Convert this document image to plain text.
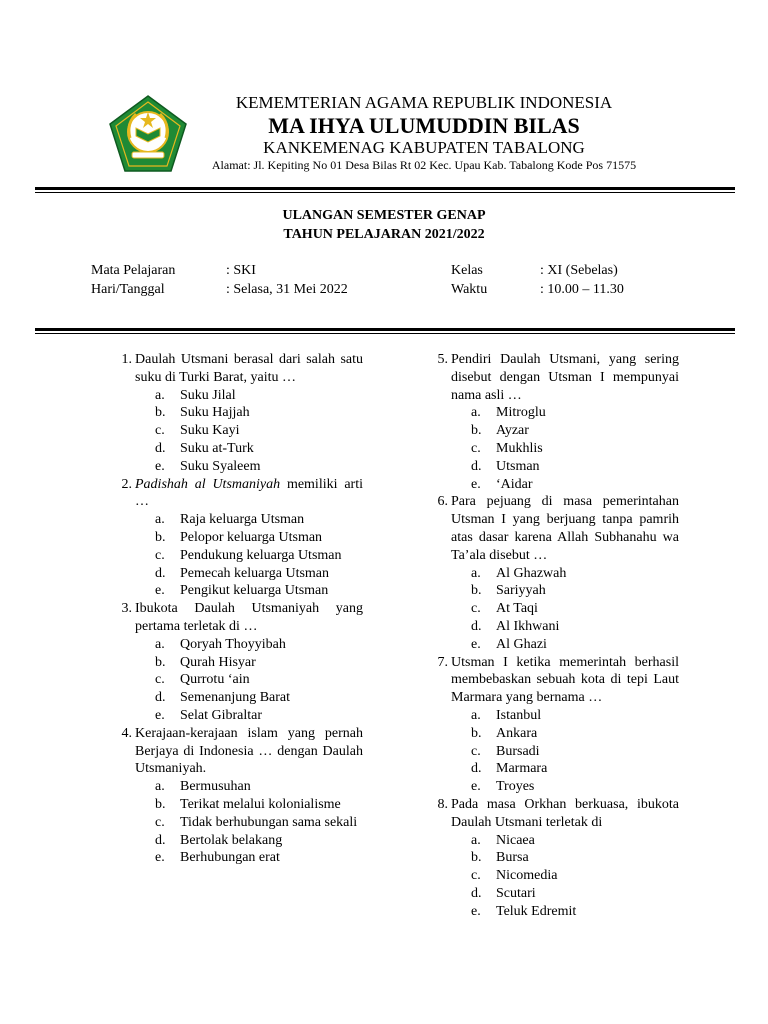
KEMEMTERIAN AGAMA REPUBLIK INDONESIA
MA IHYA ULUMUDDIN BILAS
KANKEMENAG KABUPATEN TABALONG
Alamat: Jl. Kepiting No 01 Desa Bilas Rt 02 Kec. Upau Kab. Tabalong Kode Pos 71575
ULANGAN SEMESTER GENAP
TAHUN PELAJARAN 2021/2022
Mata Pelajaran	: SKI
Hari/Tanggal	: Selasa, 31 Mei 2022
Kelas	: XI (Sebelas)
Waktu	: 10.00 – 11.30
1. Daulah Utsmani berasal dari salah satu suku di Turki Barat, yaitu …
a. Suku Jilal
b. Suku Hajjah
c. Suku Kayi
d. Suku at-Turk
e. Suku Syaleem
2. Padishah al Utsmaniyah memiliki arti …
a. Raja keluarga Utsman
b. Pelopor keluarga Utsman
c. Pendukung keluarga Utsman
d. Pemecah keluarga Utsman
e. Pengikut keluarga Utsman
3. Ibukota Daulah Utsmaniyah yang pertama terletak di …
a. Qoryah Thoyyibah
b. Qurah Hisyar
c. Qurrotu ‘ain
d. Semenanjung Barat
e. Selat Gibraltar
4. Kerajaan-kerajaan islam yang pernah Berjaya di Indonesia … dengan Daulah Utsmaniyah.
a. Bermusuhan
b. Terikat melalui kolonialisme
c. Tidak berhubungan sama sekali
d. Bertolak belakang
e. Berhubungan erat
5. Pendiri Daulah Utsmani, yang sering disebut dengan Utsman I mempunyai nama asli …
a. Mitroglu
b. Ayzar
c. Mukhlis
d. Utsman
e. ‘Aidar
6. Para pejuang di masa pemerintahan Utsman I yang berjuang tanpa pamrih atas dasar karena Allah Subhanahu wa Ta’ala disebut …
a. Al Ghazwah
b. Sariyyah
c. At Taqi
d. Al Ikhwani
e. Al Ghazi
7. Utsman I ketika memerintah berhasil membebaskan sebuah kota di tepi Laut Marmara yang bernama …
a. Istanbul
b. Ankara
c. Bursadi
d. Marmara
e. Troyes
8. Pada masa Orkhan berkuasa, ibukota Daulah Utsmani terletak di
a. Nicaea
b. Bursa
c. Nicomedia
d. Scutari
e. Teluk Edremit
